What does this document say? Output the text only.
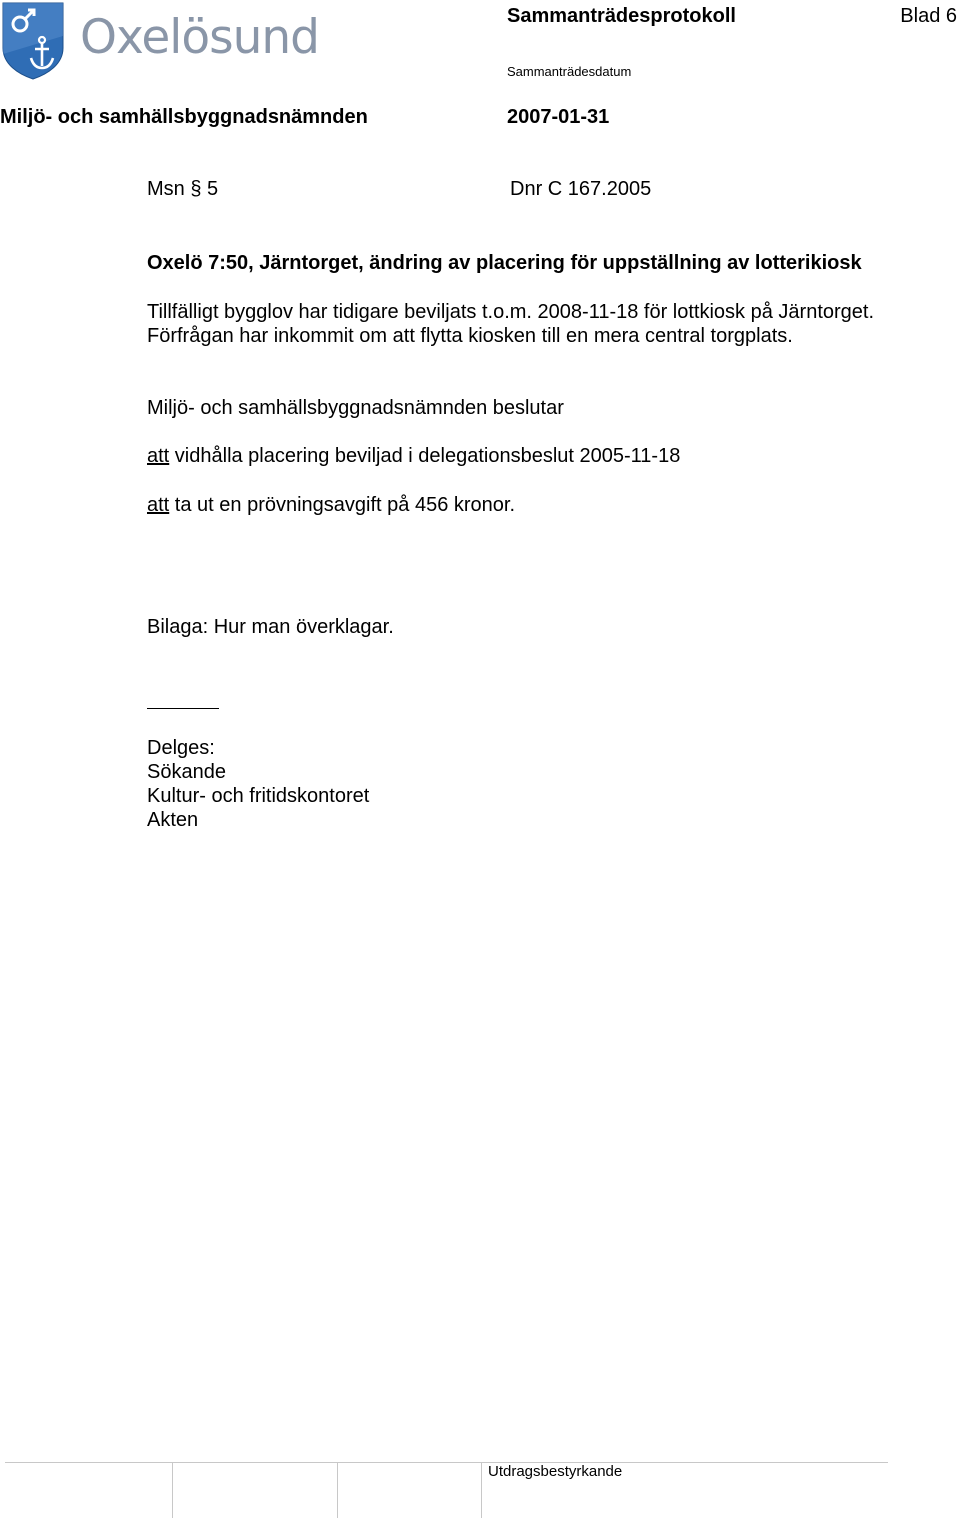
Oxelösund	Sammanträdesprotokoll	Blad 6
Sammanträdesdatum
Miljö- och samhällsbyggnadsnämnden	2007-01-31
Msn § 5	Dnr C 167.2005
Oxelö 7:50, Järntorget, ändring av placering för uppställning av lotterikiosk
Tillfälligt bygglov har tidigare beviljats t.o.m. 2008-11-18 för lottkiosk på Järntorget.
Förfrågan har inkommit om att flytta kiosken till en mera central torgplats.
Miljö- och samhällsbyggnadsnämnden beslutar
att vidhålla placering beviljad i delegationsbeslut 2005-11-18
att ta ut en prövningsavgift på 456 kronor.
Bilaga: Hur man överklagar.
Delges:
Sökande
Kultur- och fritidskontoret
Akten
Utdragsbestyrkande
